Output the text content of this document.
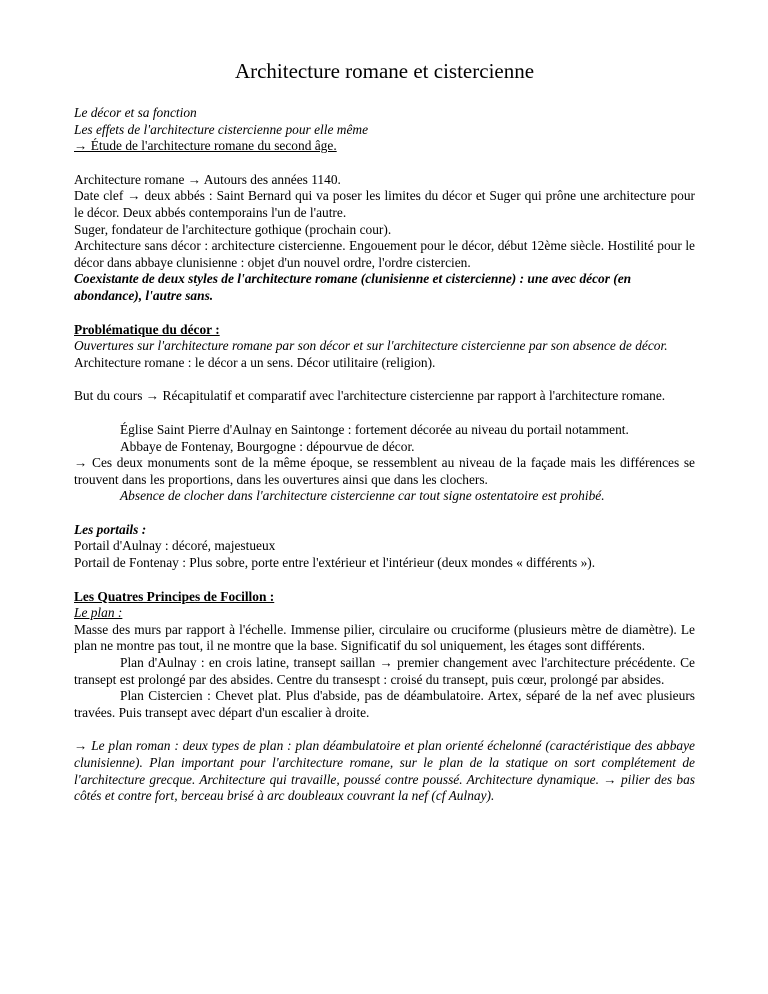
Architecture romane et cistercienne

Le décor et sa fonction

Les effets de l'architecture cistercienne pour elle même

→ Étude de l'architecture romane du second âge.

Architecture romane → Autours des années 1140.

Date clef → deux abbés : Saint Bernard qui va poser les limites du décor et Suger qui prône une architecture pour le décor. Deux abbés contemporains l'un de l'autre.

Suger, fondateur de l'architecture gothique (prochain cour).

Architecture sans décor : architecture cistercienne. Engouement pour le décor, début 12ème siècle. Hostilité pour le décor dans abbaye clunisienne : objet d'un nouvel ordre, l'ordre cistercien.

Coexistante de deux styles de l'architecture romane (clunisienne et cistercienne) : une avec décor (en abondance), l'autre sans.

Problématique du décor :

Ouvertures sur l'architecture romane par son décor et sur l'architecture cistercienne par son absence de décor.

Architecture romane : le décor a un sens. Décor utilitaire (religion).

But du cours → Récapitulatif et comparatif avec l'architecture cistercienne par rapport à l'architecture romane.

Église Saint Pierre d'Aulnay en Saintonge : fortement décorée au niveau du portail notamment.

Abbaye de Fontenay, Bourgogne : dépourvue de décor.

→ Ces deux monuments sont de la même époque, se ressemblent au niveau de la façade mais les différences se trouvent dans les proportions, dans les ouvertures ainsi que dans les clochers.

Absence de clocher dans l'architecture cistercienne car tout signe ostentatoire est prohibé.

Les portails :

Portail d'Aulnay : décoré, majestueux

Portail de Fontenay : Plus sobre, porte entre l'extérieur et l'intérieur (deux mondes « différents »).

Les Quatres Principes de Focillon :

Le plan :

Masse des murs par rapport à l'échelle. Immense pilier, circulaire ou cruciforme (plusieurs mètre de diamètre). Le plan ne montre pas tout, il ne montre que la base. Significatif du sol uniquement, les étages sont différents.

Plan d'Aulnay : en crois latine, transept saillan → premier changement avec l'architecture précédente. Ce transept est prolongé par des absides. Centre du transespt : croisé du transept, puis cœur, prolongé par absides.

Plan Cistercien : Chevet plat. Plus d'abside, pas de déambulatoire. Artex, séparé de la nef avec plusieurs travées. Puis transept avec départ d'un escalier à droite.

→ Le plan roman : deux types de plan : plan déambulatoire et plan orienté échelonné (caractéristique des abbaye clunisienne). Plan important pour l'architecture romane, sur le plan de la statique on sort complétement de l'architecture grecque. Architecture qui travaille, poussé contre poussé. Architecture dynamique. → pilier des bas côtés et contre fort, berceau brisé à arc doubleaux couvrant la nef (cf Aulnay).
